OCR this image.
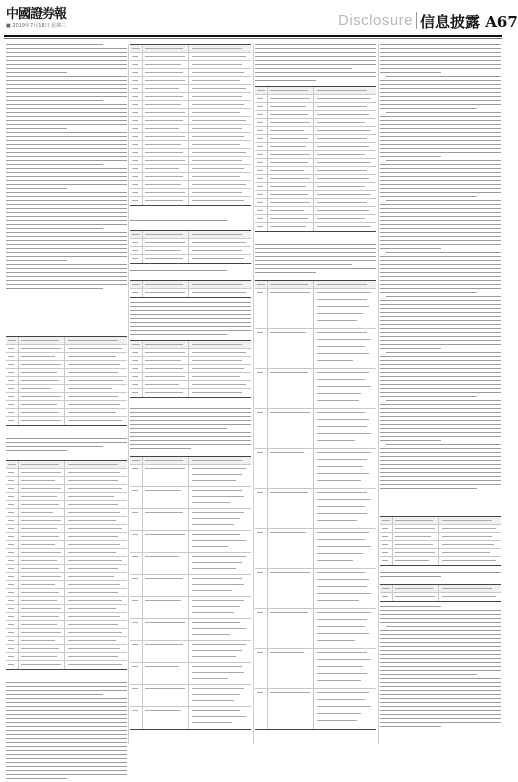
中國證券報
■ 2019年7月18日 星期三	Disclosure 信息披露 A67
